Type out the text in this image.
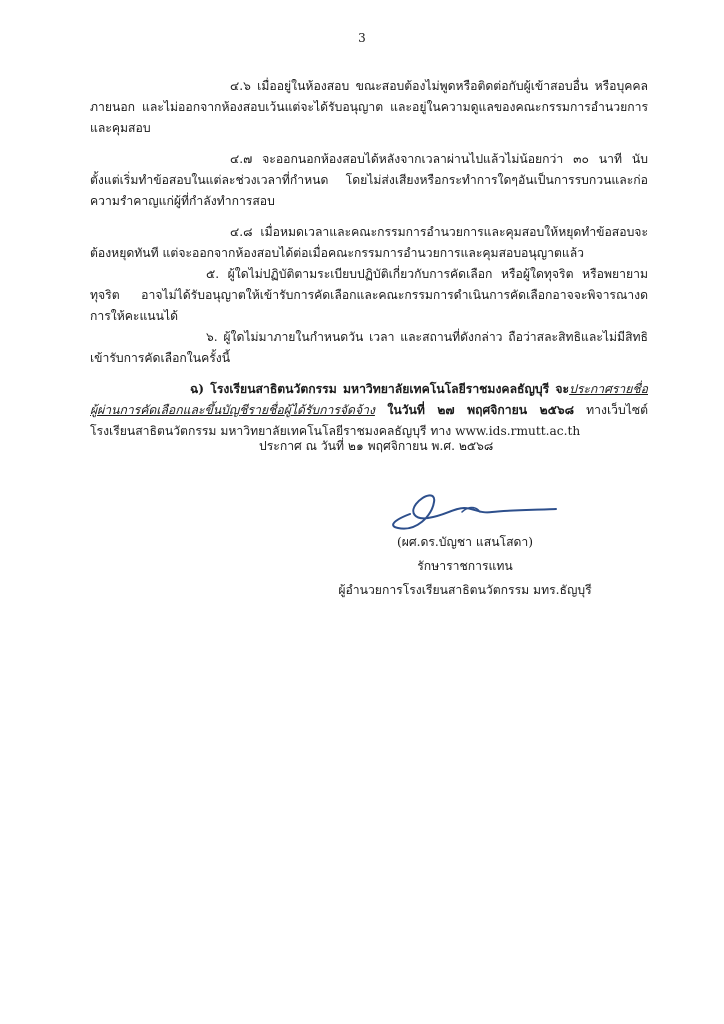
3

๔.๖ เมื่ออยู่ในห้องสอบ ขณะสอบต้องไม่พูดหรือติดต่อกับผู้เข้าสอบอื่น หรือบุคคลภายนอก และไม่ออกจากห้องสอบเว้นแต่จะได้รับอนุญาต และอยู่ในความดูแลของคณะกรรมการอำนวยการและคุมสอบ

๔.๗ จะออกนอกห้องสอบได้หลังจากเวลาผ่านไปแล้วไม่น้อยกว่า ๓๐ นาที นับตั้งแต่เริ่มทำข้อสอบในแต่ละช่วงเวลาที่กำหนด โดยไม่ส่งเสียงหรือกระทำการใดๆอันเป็นการรบกวนและก่อความรำคาญแก่ผู้ที่กำลังทำการสอบ

๔.๘ เมื่อหมดเวลาและคณะกรรมการอำนวยการและคุมสอบให้หยุดทำข้อสอบจะต้องหยุดทันที แต่จะออกจากห้องสอบได้ต่อเมื่อคณะกรรมการอำนวยการและคุมสอบอนุญาตแล้ว

๕. ผู้ใดไม่ปฏิบัติตามระเบียบปฏิบัติเกี่ยวกับการคัดเลือก หรือผู้ใดทุจริต หรือพยายามทุจริต อาจไม่ได้รับอนุญาตให้เข้ารับการคัดเลือกและคณะกรรมการดำเนินการคัดเลือกอาจจะพิจารณางดการให้คะแนนได้

๖. ผู้ใดไม่มาภายในกำหนดวัน เวลา และสถานที่ดังกล่าว ถือว่าสละสิทธิและไม่มีสิทธิเข้ารับการคัดเลือกในครั้งนี้

ฉ) โรงเรียนสาธิตนวัตกรรม มหาวิทยาลัยเทคโนโลยีราชมงคลธัญบุรี จะประกาศรายชื่อผู้ผ่านการคัดเลือกและขึ้นบัญชีรายชื่อผู้ได้รับการจัดจ้าง ในวันที่ ๒๗ พฤศจิกายน ๒๕๖๘ ทางเว็บไซต์โรงเรียนสาธิตนวัตกรรม มหาวิทยาลัยเทคโนโลยีราชมงคลธัญบุรี ทาง www.ids.rmutt.ac.th

ประกาศ ณ วันที่ ๒๑ พฤศจิกายน พ.ศ. ๒๕๖๘
(ผศ.ดร.บัญชา แสนโสดา)
รักษาราชการแทน
ผู้อำนวยการโรงเรียนสาธิตนวัตกรรม มทร.ธัญบุรี
